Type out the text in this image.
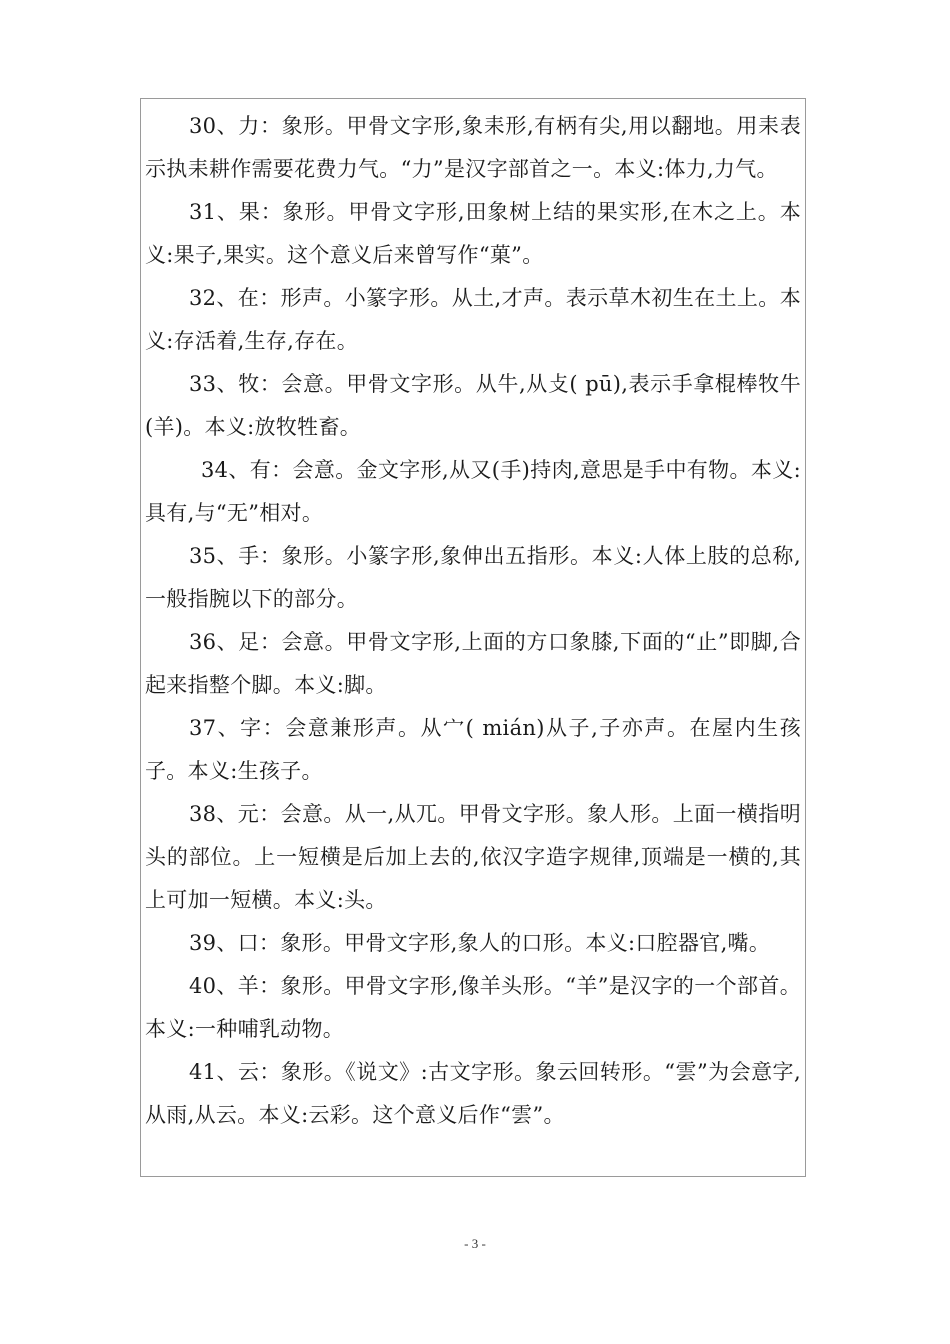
30、力：象形。甲骨文字形,象耒形,有柄有尖,用以翻地。用耒表示执耒耕作需要花费力气。“力”是汉字部首之一。本义:体力,力气。

31、果：象形。甲骨文字形,田象树上结的果实形,在木之上。本义:果子,果实。这个意义后来曾写作“菓”。

32、在：形声。小篆字形。从土,才声。表示草木初生在土上。本义:存活着,生存,存在。

33、牧：会意。甲骨文字形。从牛,从攴( pū),表示手拿棍棒牧牛(羊)。本义:放牧牲畜。

34、有：会意。金文字形,从又(手)持肉,意思是手中有物。本义:具有,与“无”相对。

35、手：象形。小篆字形,象伸出五指形。本义:人体上肢的总称,一般指腕以下的部分。

36、足：会意。甲骨文字形,上面的方口象膝,下面的“止”即脚,合起来指整个脚。本义:脚。

37、字：会意兼形声。从宀( mián)从子,子亦声。在屋内生孩子。本义:生孩子。

38、元：会意。从一,从兀。甲骨文字形。象人形。上面一横指明头的部位。上一短横是后加上去的,依汉字造字规律,顶端是一横的,其上可加一短横。本义:头。

39、口：象形。甲骨文字形,象人的口形。本义:口腔器官,嘴。

40、羊：象形。甲骨文字形,像羊头形。“羊”是汉字的一个部首。本义:一种哺乳动物。

41、云：象形。《说文》:古文字形。象云回转形。“雲”为会意字,从雨,从云。本义:云彩。这个意义后作“雲”。

- 3 -
